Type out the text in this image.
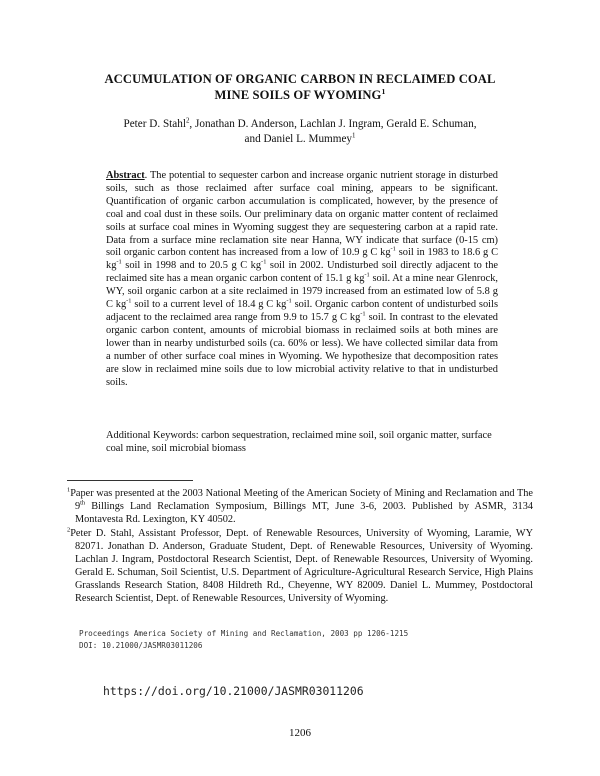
ACCUMULATION OF ORGANIC CARBON IN RECLAIMED COAL
MINE SOILS OF WYOMING$^1$
Peter D. Stahl$^2$, Jonathan D. Anderson, Lachlan J. Ingram, Gerald E. Schuman,
and Daniel L. Mummey$^1$
Abstract. The potential to sequester carbon and increase organic nutrient storage in disturbed soils, such as those reclaimed after surface coal mining, appears to be significant. Quantification of organic carbon accumulation is complicated, however, by the presence of coal and coal dust in these soils. Our preliminary data on organic matter content of reclaimed soils at surface coal mines in Wyoming suggest they are sequestering carbon at a rapid rate. Data from a surface mine reclamation site near Hanna, WY indicate that surface (0-15 cm) soil organic carbon content has increased from a low of 10.9 g C $kg^{-1}$ soil in 1983 to 18.6 g C $kg^{-1}$ soil in 1998 and to 20.5 g C $kg^{-1}$ soil in 2002. Undisturbed soil directly adjacent to the reclaimed site has a mean organic carbon content of 15.1 g $kg^{-1}$ soil. At a mine near Glenrock, WY, soil organic carbon at a site reclaimed in 1979 increased from an estimated low of 5.8 g C $kg^{-1}$ soil to a current level of 18.4 g C $kg^{-1}$ soil. Organic carbon content of undisturbed soils adjacent to the reclaimed area range from 9.9 to 15.7 g C $kg^{-1}$ soil. In contrast to the elevated organic carbon content, amounts of microbial biomass in reclaimed soils at both mines are lower than in nearby undisturbed soils (ca. 60% or less). We have collected similar data from a number of other surface coal mines in Wyoming. We hypothesize that decomposition rates are slow in reclaimed mine soils due to low microbial activity relative to that in undisturbed soils.
Additional Keywords: carbon sequestration, reclaimed mine soil, soil organic matter, surface coal mine, soil microbial biomass
$^1$Paper was presented at the 2003 National Meeting of the American Society of Mining and Reclamation and The 9th Billings Land Reclamation Symposium, Billings MT, June 3-6, 2003. Published by ASMR, 3134 Montavesta Rd. Lexington, KY 40502.
$^2$Peter D. Stahl, Assistant Professor, Dept. of Renewable Resources, University of Wyoming, Laramie, WY 82071. Jonathan D. Anderson, Graduate Student, Dept. of Renewable Resources, University of Wyoming. Lachlan J. Ingram, Postdoctoral Research Scientist, Dept. of Renewable Resources, University of Wyoming. Gerald E. Schuman, Soil Scientist, U.S. Department of Agriculture-Agricultural Research Service, High Plains Grasslands Research Station, 8408 Hildreth Rd., Cheyenne, WY 82009. Daniel L. Mummey, Postdoctoral Research Scientist, Dept. of Renewable Resources, University of Wyoming.
Proceedings America Society of Mining and Reclamation, 2003 pp 1206-1215
DOI: 10.21000/JASMR03011206
https://doi.org/10.21000/JASMR03011206
1206
